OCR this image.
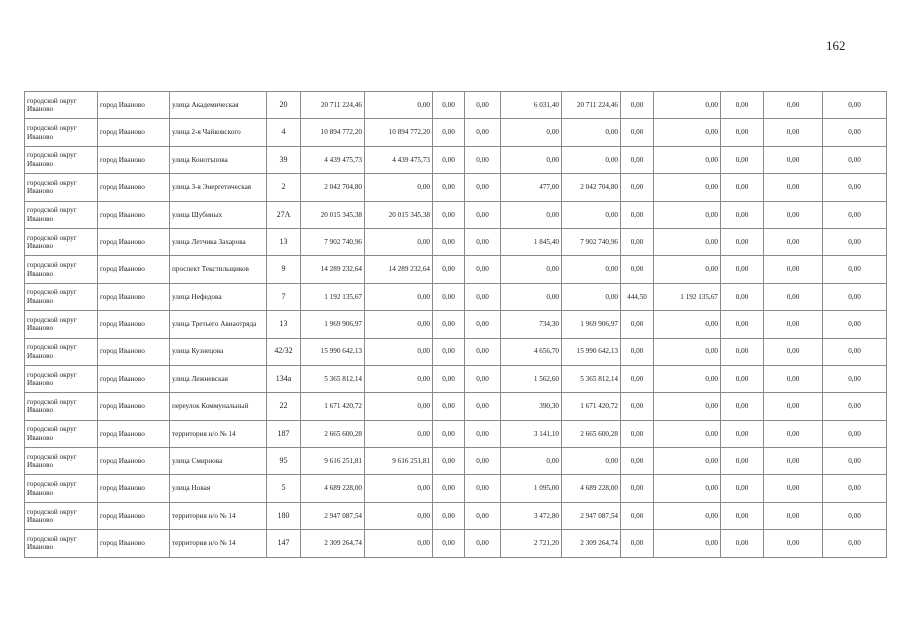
162
городской округ Иваново	город Иваново	улица Академическая	20	20 711 224,46	0,00	0,00	0,00	6 031,40	20 711 224,46	0,00	0,00	0,00	0,00	0,00
городской округ Иваново	город Иваново	улица 2-я Чайковского	4	10 894 772,20	10 894 772,20	0,00	0,00	0,00	0,00	0,00	0,00	0,00	0,00	0,00
городской округ Иваново	город Иваново	улица Конотъпова	39	4 439 475,73	4 439 475,73	0,00	0,00	0,00	0,00	0,00	0,00	0,00	0,00	0,00
городской округ Иваново	город Иваново	улица 3-я Энергетическая	2	2 042 704,80	0,00	0,00	0,00	477,00	2 042 704,80	0,00	0,00	0,00	0,00	0,00
городской округ Иваново	город Иваново	улица Шубиных	27А	20 015 345,38	20 015 345,38	0,00	0,00	0,00	0,00	0,00	0,00	0,00	0,00	0,00
городской округ Иваново	город Иваново	улица Летчика Захарова	13	7 902 740,96	0,00	0,00	0,00	1 845,40	7 902 740,96	0,00	0,00	0,00	0,00	0,00
городской округ Иваново	город Иваново	проспект Текстильщиков	9	14 289 232,64	14 289 232,64	0,00	0,00	0,00	0,00	0,00	0,00	0,00	0,00	0,00
городской округ Иваново	город Иваново	улица Нефедова	7	1 192 135,67	0,00	0,00	0,00	0,00	0,00	444,50	1 192 135,67	0,00	0,00	0,00
городской округ Иваново	город Иваново	улица Третьего Авиаотряда	13	1 969 906,97	0,00	0,00	0,00	734,30	1 969 906,97	0,00	0,00	0,00	0,00	0,00
городской округ Иваново	город Иваново	улица Кузнецова	42/32	15 990 642,13	0,00	0,00	0,00	4 656,70	15 990 642,13	0,00	0,00	0,00	0,00	0,00
городской округ Иваново	город Иваново	улица Лежневская	134а	5 365 812,14	0,00	0,00	0,00	1 562,60	5 365 812,14	0,00	0,00	0,00	0,00	0,00
городской округ Иваново	город Иваново	переулок Коммунальный	22	1 671 420,72	0,00	0,00	0,00	390,30	1 671 420,72	0,00	0,00	0,00	0,00	0,00
городской округ Иваново	город Иваново	территория н/о № 14	187	2 665 600,28	0,00	0,00	0,00	3 141,10	2 665 600,28	0,00	0,00	0,00	0,00	0,00
городской округ Иваново	город Иваново	улица Смирнова	95	9 616 251,81	9 616 251,81	0,00	0,00	0,00	0,00	0,00	0,00	0,00	0,00	0,00
городской округ Иваново	город Иваново	улица Новая	5	4 689 228,00	0,00	0,00	0,00	1 095,00	4 689 228,00	0,00	0,00	0,00	0,00	0,00
городской округ Иваново	город Иваново	территория н/о № 14	180	2 947 087,54	0,00	0,00	0,00	3 472,80	2 947 087,54	0,00	0,00	0,00	0,00	0,00
городской округ Иваново	город Иваново	территория н/о № 14	147	2 309 264,74	0,00	0,00	0,00	2 721,20	2 309 264,74	0,00	0,00	0,00	0,00	0,00
